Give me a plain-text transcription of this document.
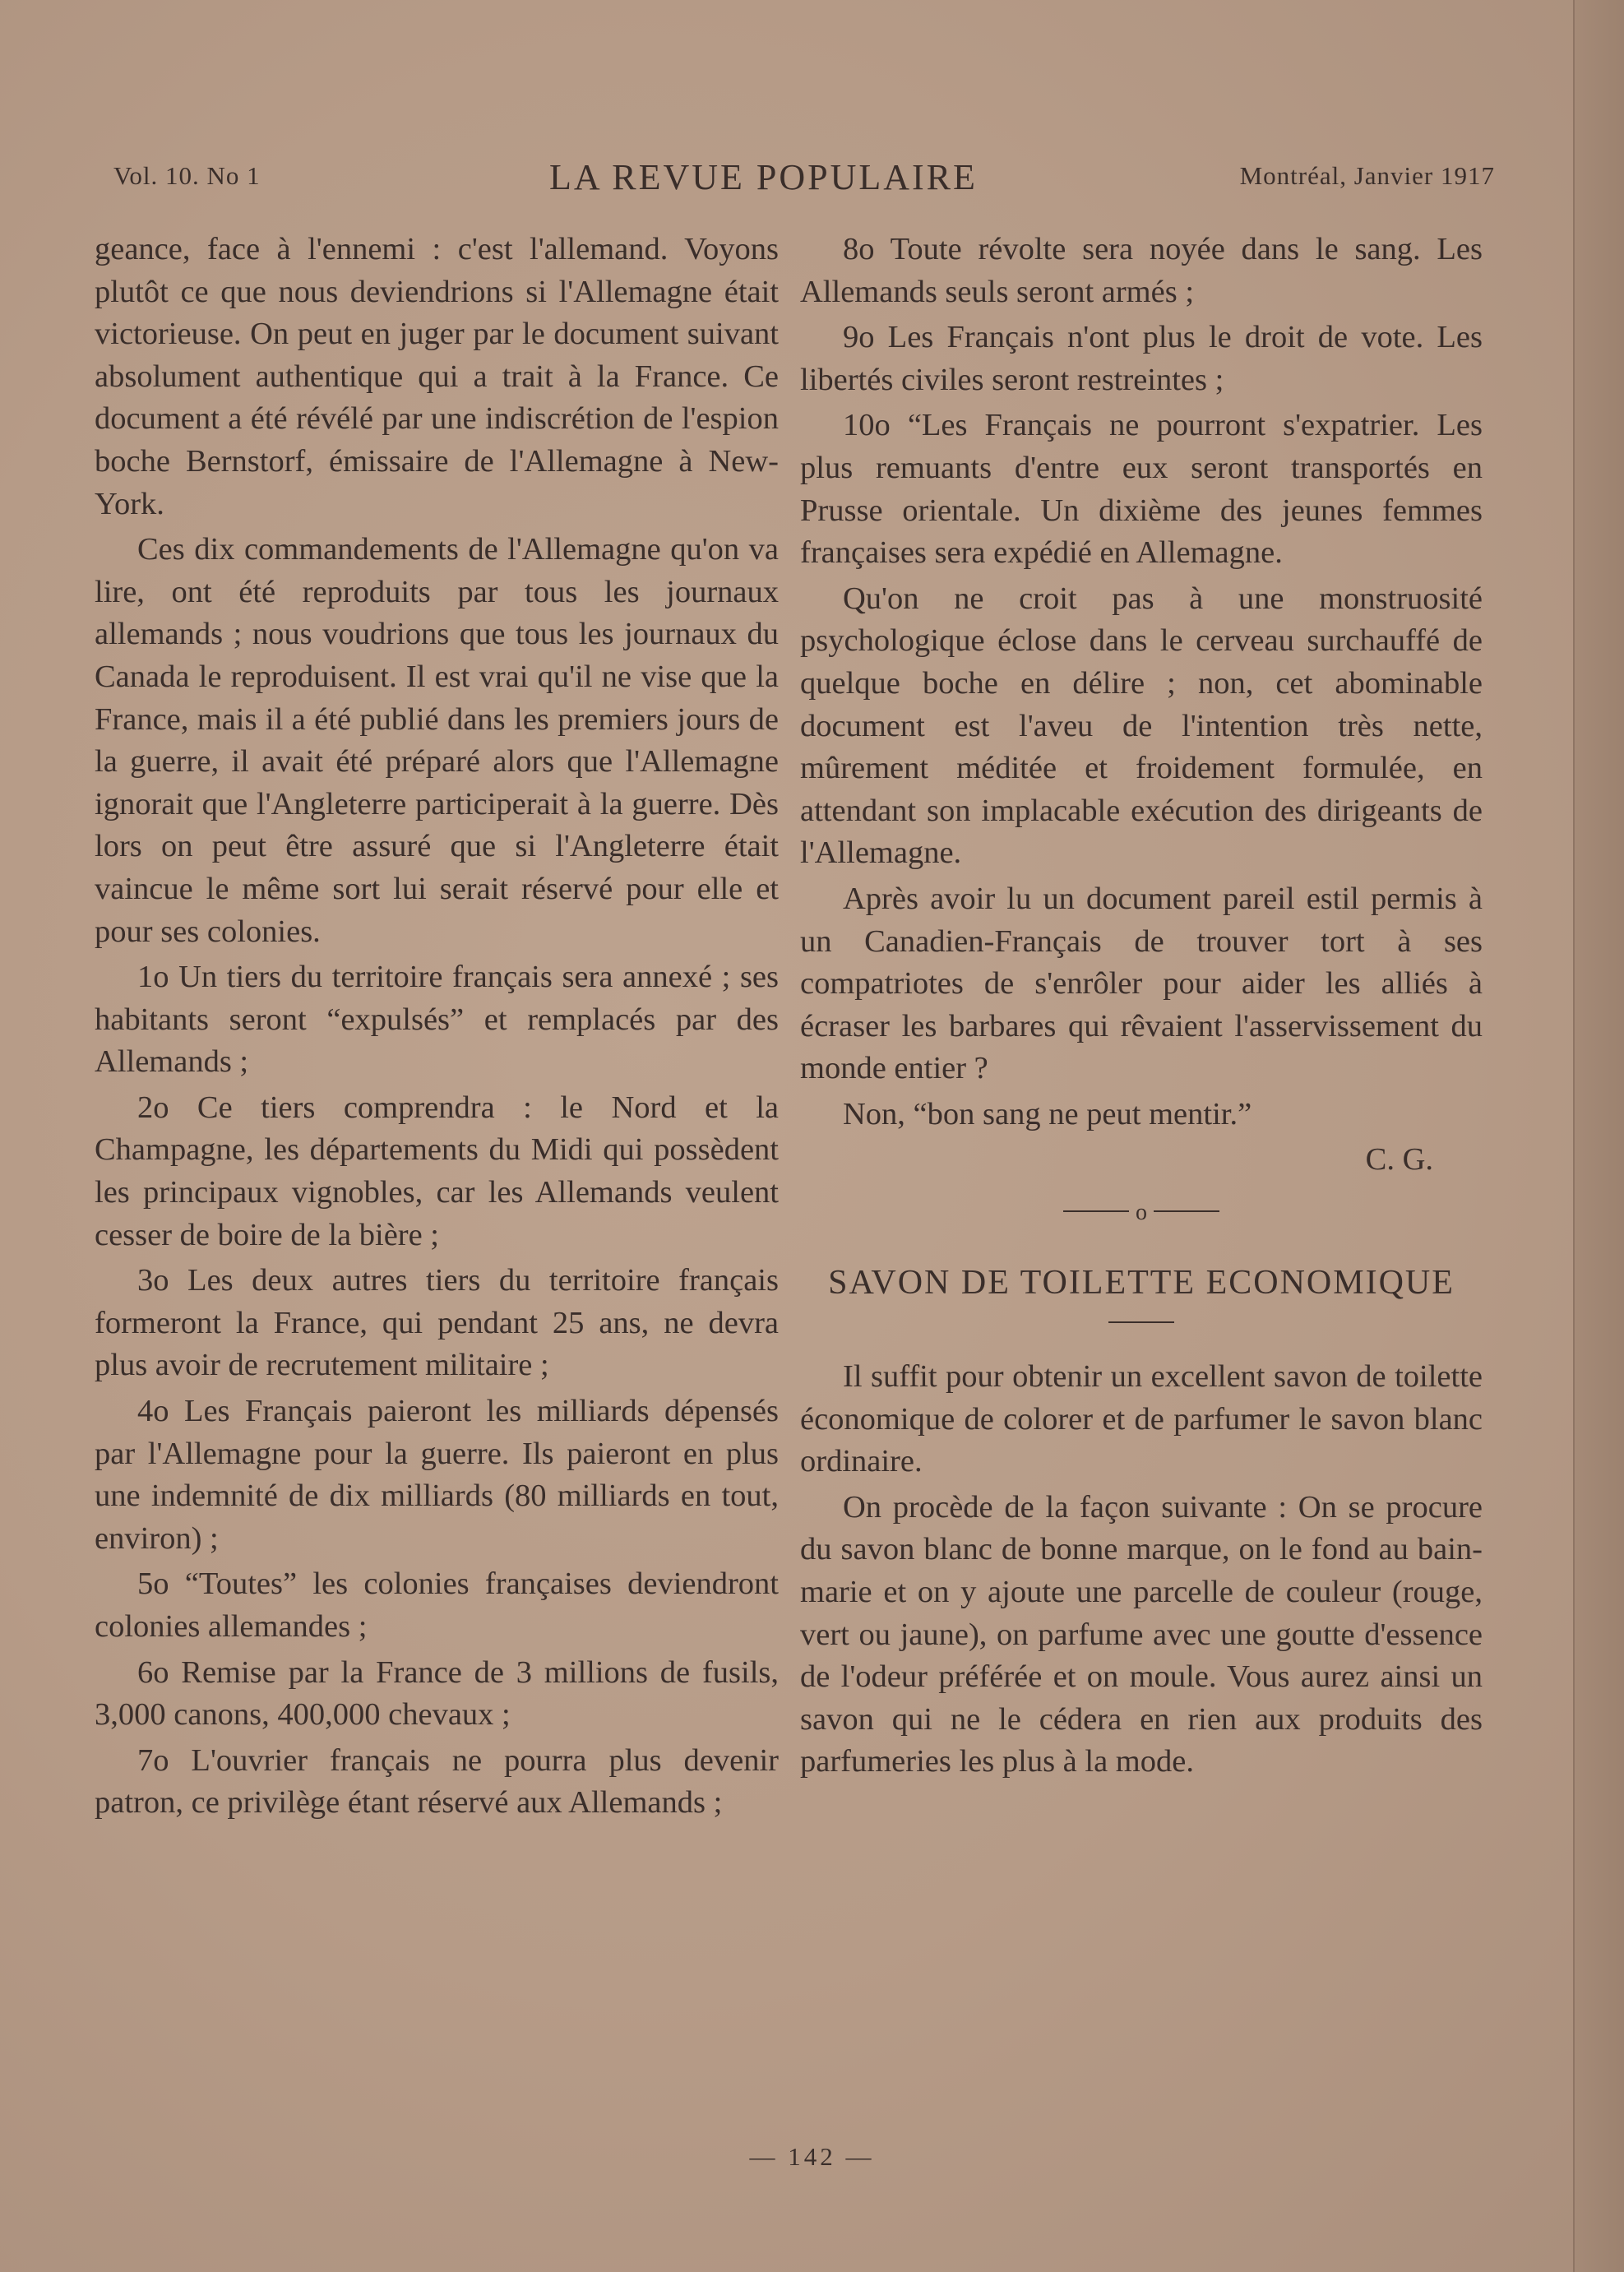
Vol. 10. No 1	LA REVUE POPULAIRE	Montréal, Janvier 1917

geance, face à l'ennemi : c'est l'allemand. Voyons plutôt ce que nous deviendrions si l'Allemagne était victorieuse. On peut en juger par le document suivant absolument authentique qui a trait à la France. Ce document a été révélé par une indiscrétion de l'espion boche Bernstorf, émissaire de l'Allemagne à New-York.

Ces dix commandements de l'Allemagne qu'on va lire, ont été reproduits par tous les journaux allemands ; nous voudrions que tous les journaux du Canada le reproduisent. Il est vrai qu'il ne vise que la France, mais il a été publié dans les premiers jours de la guerre, il avait été préparé alors que l'Allemagne ignorait que l'Angleterre participerait à la guerre. Dès lors on peut être assuré que si l'Angleterre était vaincue le même sort lui serait réservé pour elle et pour ses colonies.

1o Un tiers du territoire français sera annexé ; ses habitants seront “expulsés” et remplacés par des Allemands ;

2o Ce tiers comprendra : le Nord et la Champagne, les départements du Midi qui possèdent les principaux vignobles, car les Allemands veulent cesser de boire de la bière ;

3o Les deux autres tiers du territoire français formeront la France, qui pendant 25 ans, ne devra plus avoir de recrutement militaire ;

4o Les Français paieront les milliards dépensés par l'Allemagne pour la guerre. Ils paieront en plus une indemnité de dix milliards (80 milliards en tout, environ) ;

5o “Toutes” les colonies françaises deviendront colonies allemandes ;

6o Remise par la France de 3 millions de fusils, 3,000 canons, 400,000 chevaux ;

7o L'ouvrier français ne pourra plus devenir patron, ce privilège étant réservé aux Allemands ;

8o Toute révolte sera noyée dans le sang. Les Allemands seuls seront armés ;

9o Les Français n'ont plus le droit de vote. Les libertés civiles seront restreintes ;

10o “Les Français ne pourront s'expatrier. Les plus remuants d'entre eux seront transportés en Prusse orientale. Un dixième des jeunes femmes françaises sera expédié en Allemagne.

Qu'on ne croit pas à une monstruosité psychologique éclose dans le cerveau surchauffé de quelque boche en délire ; non, cet abominable document est l'aveu de l'intention très nette, mûrement méditée et froidement formulée, en attendant son implacable exécution des dirigeants de l'Allemagne.

Après avoir lu un document pareil estil permis à un Canadien-Français de trouver tort à ses compatriotes de s'enrôler pour aider les alliés à écraser les barbares qui rêvaient l'asservissement du monde entier ?

Non, “bon sang ne peut mentir.”

C. G.
o
SAVON DE TOILETTE ECONOMIQUE

Il suffit pour obtenir un excellent savon de toilette économique de colorer et de parfumer le savon blanc ordinaire.

On procède de la façon suivante : On se procure du savon blanc de bonne marque, on le fond au bain-marie et on y ajoute une parcelle de couleur (rouge, vert ou jaune), on parfume avec une goutte d'essence de l'odeur préférée et on moule. Vous aurez ainsi un savon qui ne le cédera en rien aux produits des parfumeries les plus à la mode.

— 142 —
